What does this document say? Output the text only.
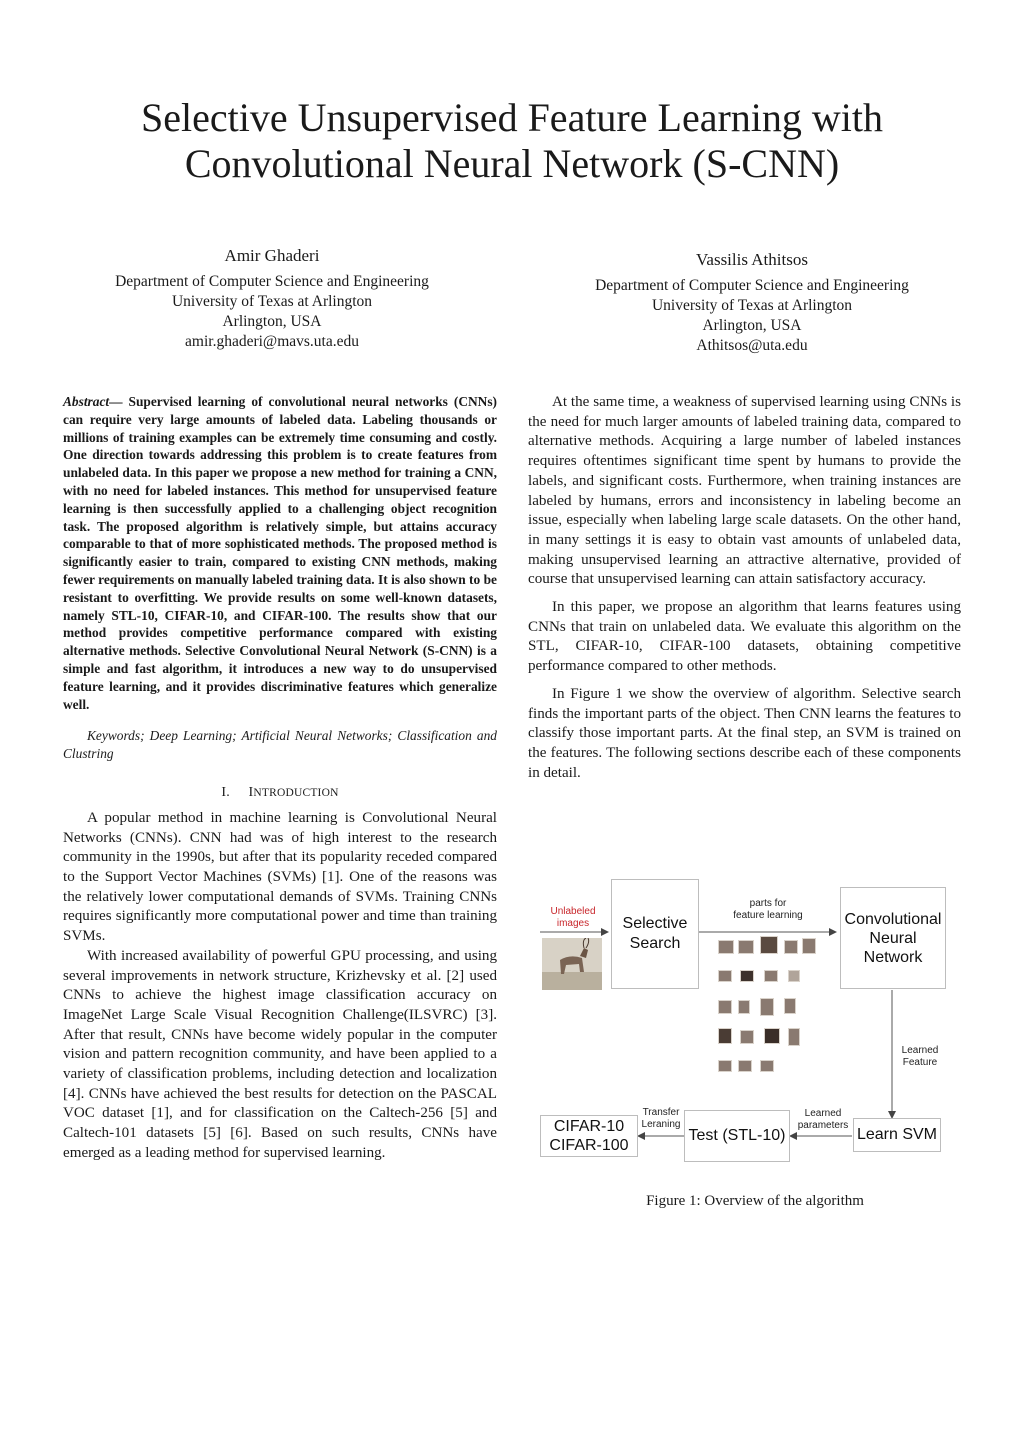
Selective Unsupervised Feature Learning with
Convolutional Neural Network (S-CNN)
Amir Ghaderi
Department of Computer Science and Engineering
University of Texas at Arlington
Arlington, USA
amir.ghaderi@mavs.uta.edu
Vassilis Athitsos
Department of Computer Science and Engineering
University of Texas at Arlington
Arlington, USA
Athitsos@uta.edu

Abstract— Supervised learning of convolutional neural networks (CNNs) can require very large amounts of labeled data. Labeling thousands or millions of training examples can be extremely time consuming and costly. One direction towards addressing this problem is to create features from unlabeled data. In this paper we propose a new method for training a CNN, with no need for labeled instances. This method for unsupervised feature learning is then successfully applied to a challenging object recognition task. The proposed algorithm is relatively simple, but attains accuracy comparable to that of more sophisticated methods. The proposed method is significantly easier to train, compared to existing CNN methods, making fewer requirements on manually labeled training data. It is also shown to be resistant to overfitting. We provide results on some well-known datasets, namely STL-10, CIFAR-10, and CIFAR-100. The results show that our method provides competitive performance compared with existing alternative methods. Selective Convolutional Neural Network (S-CNN) is a simple and fast algorithm, it introduces a new way to do unsupervised feature learning, and it provides discriminative features which generalize well.

Keywords; Deep Learning; Artificial Neural Networks; Classification and Clustring

I. INTRODUCTION

A popular method in machine learning is Convolutional Neural Networks (CNNs). CNN had was of high interest to the research community in the 1990s, but after that its popularity receded compared to the Support Vector Machines (SVMs) [1]. One of the reasons was the relatively lower computational demands of SVMs. Training CNNs requires significantly more computational power and time than training SVMs.

With increased availability of powerful GPU processing, and using several improvements in network structure, Krizhevsky et al. [2] used CNNs to achieve the highest image classification accuracy on ImageNet Large Scale Visual Recognition Challenge(ILSVRC) [3]. After that result, CNNs have become widely popular in the computer vision and pattern recognition community, and have been applied to a variety of classification problems, including detection and localization [4]. CNNs have achieved the best results for detection on the PASCAL VOC dataset [1], and for classification on the Caltech-256 [5] and Caltech-101 datasets [5] [6]. Based on such results, CNNs have emerged as a leading method for supervised learning.

At the same time, a weakness of supervised learning using CNNs is the need for much larger amounts of labeled training data, compared to alternative methods. Acquiring a large number of labeled instances requires oftentimes significant time spent by humans to provide the labels, and significant costs. Furthermore, when training instances are labeled by humans, errors and inconsistency in labeling become an issue, especially when labeling large scale datasets. On the other hand, in many settings it is easy to obtain vast amounts of unlabeled data, making unsupervised learning an attractive alternative, provided of course that unsupervised learning can attain satisfactory accuracy.

In this paper, we propose an algorithm that learns features using CNNs that train on unlabeled data. We evaluate this algorithm on the STL, CIFAR-10, CIFAR-100 datasets, obtaining competitive performance compared to other methods.

In Figure 1 we show the overview of algorithm. Selective search finds the important parts of the object. Then CNN learns the features to classify those important parts. At the final step, an SVM is trained on the features. The following sections describe each of these components in detail.

Unlabeled
images	Selective
Search
parts for
feature learning	Convolutional
Neural
Network
Learned
Feature
Learn SVM
Learned
parameters
Test (STL-10)
Transfer
Leraning
CIFAR-10
CIFAR-100
Figure 1: Overview of the algorithm
